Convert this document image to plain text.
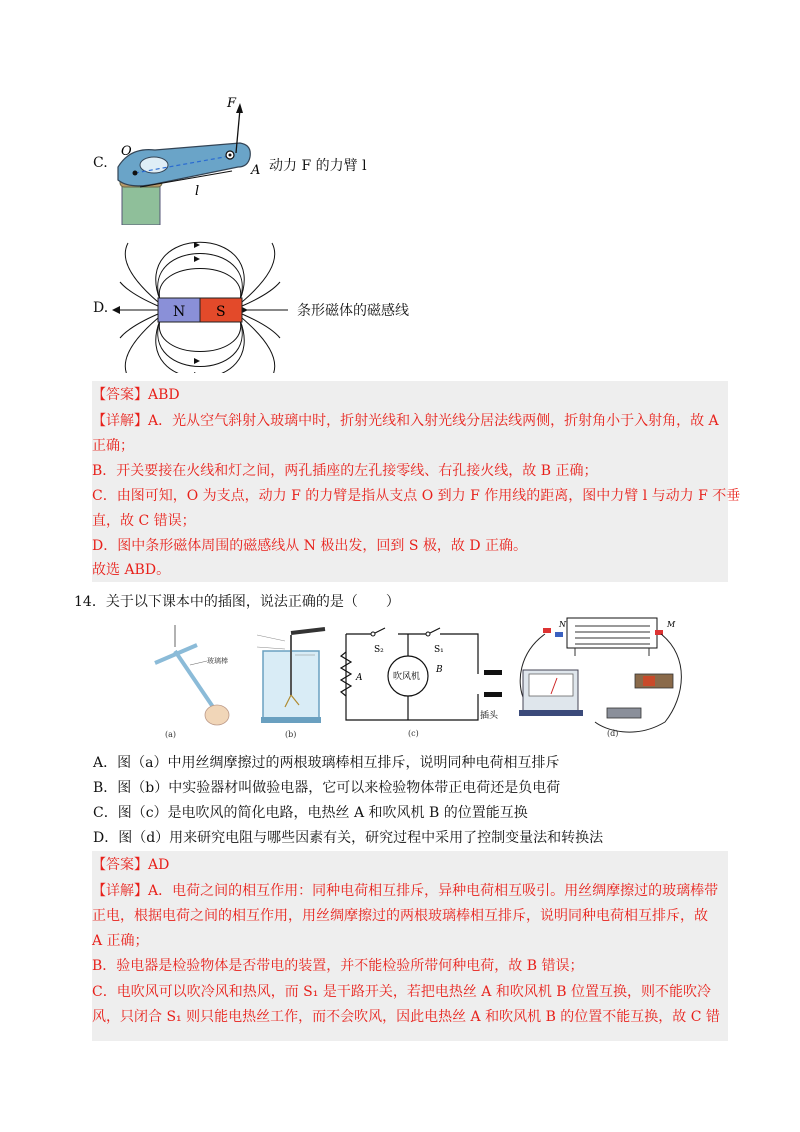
C.
F
O
A
l
动力 F 的力臂 l
D.	N S	条形磁体的磁感线
【答案】ABD
【详解】A．光从空气斜射入玻璃中时，折射光线和入射光线分居法线两侧，折射角小于入射角，故 A
正确；
B．开关要接在火线和灯之间，两孔插座的左孔接零线、右孔接火线，故 B 正确；
C．由图可知，O 为支点，动力 F 的力臂是指从支点 O 到力 F 作用线的距离，图中力臂 l 与动力 F 不垂
直，故 C 错误；
D．图中条形磁体周围的磁感线从 N 极出发，回到 S 极，故 D 正确。
故选 ABD。
14．关于以下课本中的插图，说法正确的是（　　）
玻璃棒
(a)	(b)
S₂	S₁
A
B
吹风机
插头
(c)
N	M
(d)
A．图（a）中用丝绸摩擦过的两根玻璃棒相互排斥，说明同种电荷相互排斥
B．图（b）中实验器材叫做验电器，它可以来检验物体带正电荷还是负电荷
C．图（c）是电吹风的简化电路，电热丝 A 和吹风机 B 的位置能互换
D．图（d）用来研究电阻与哪些因素有关，研究过程中采用了控制变量法和转换法
【答案】AD
【详解】A．电荷之间的相互作用：同种电荷相互排斥，异种电荷相互吸引。用丝绸摩擦过的玻璃棒带
正电，根据电荷之间的相互作用，用丝绸摩擦过的两根玻璃棒相互排斥，说明同种电荷相互排斥，故
A 正确；
B．验电器是检验物体是否带电的装置，并不能检验所带何种电荷，故 B 错误；
C．电吹风可以吹冷风和热风，而 S₁ 是干路开关，若把电热丝 A 和吹风机 B 位置互换，则不能吹冷
风，只闭合 S₁ 则只能电热丝工作，而不会吹风，因此电热丝 A 和吹风机 B 的位置不能互换，故 C 错
